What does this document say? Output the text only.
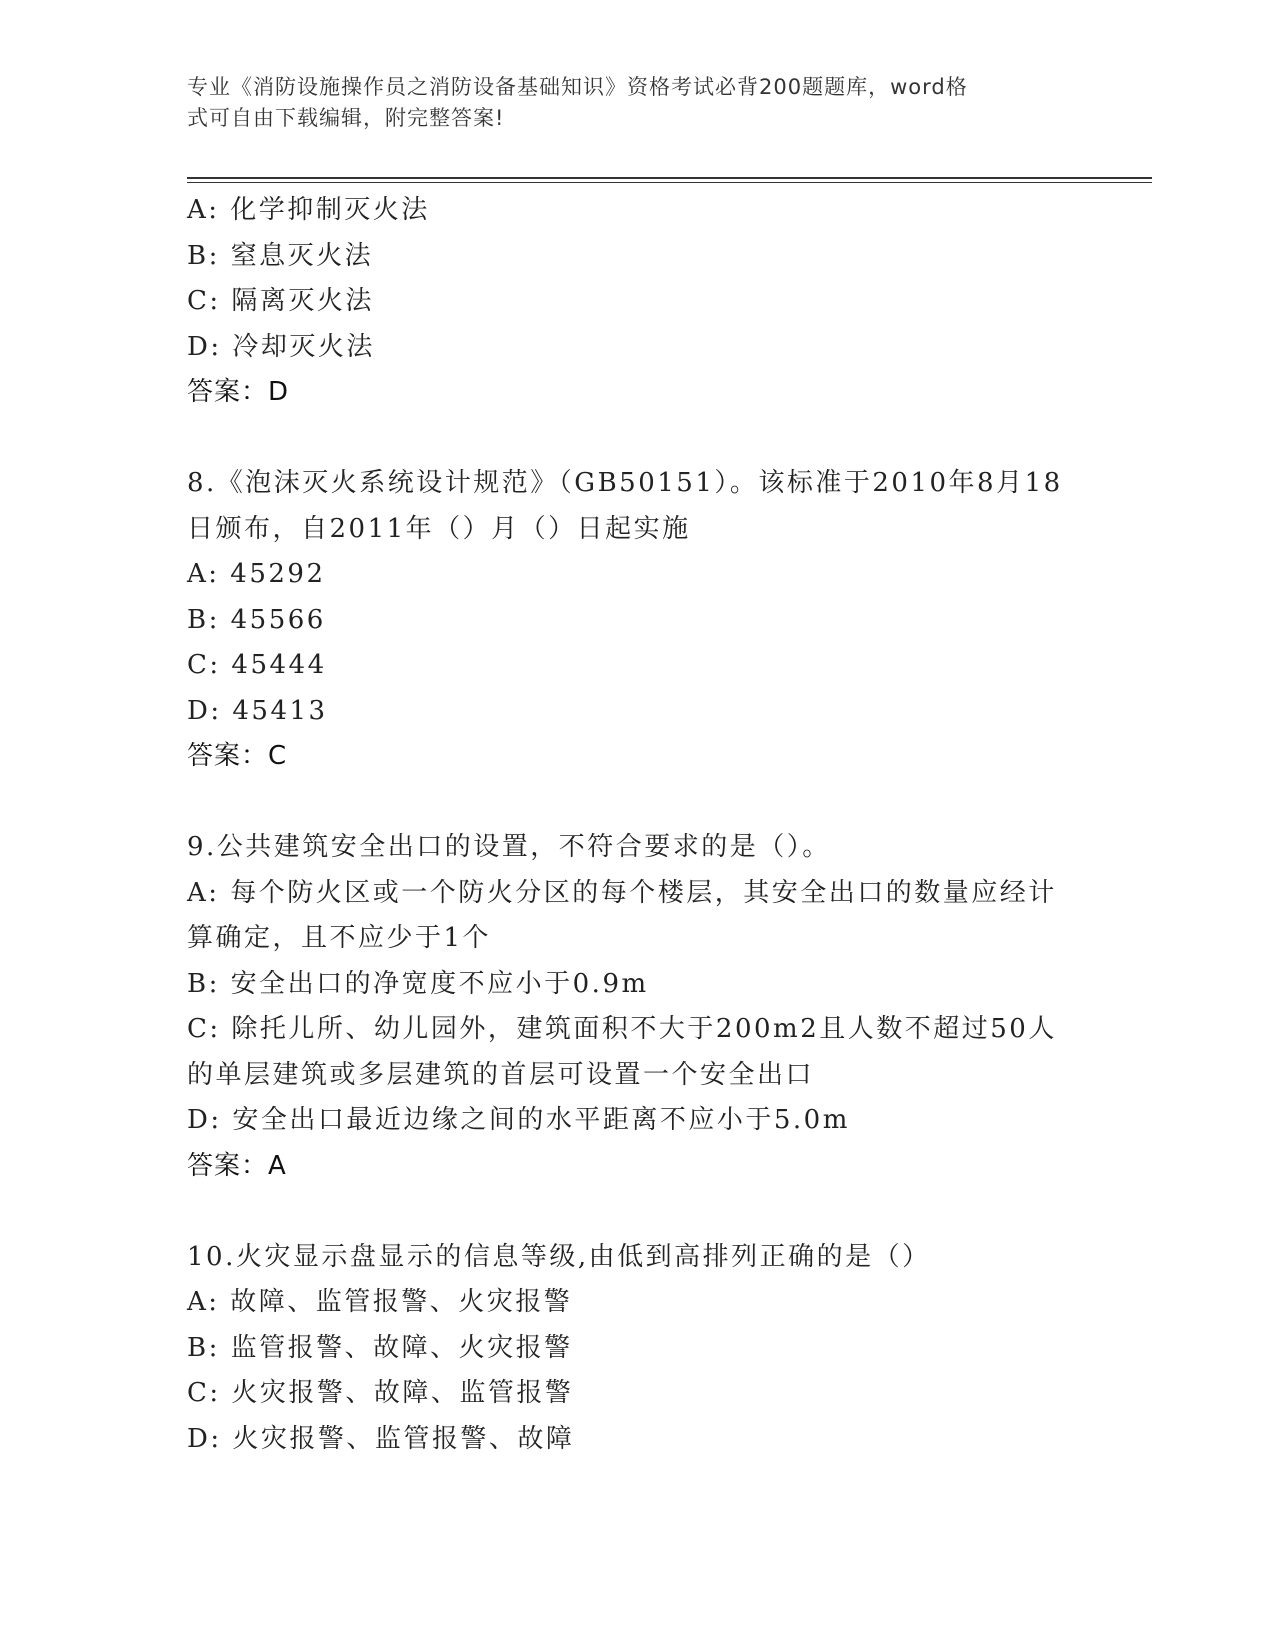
专业《消防设施操作员之消防设备基础知识》资格考试必背200题题库，word格
式可自由下载编辑，附完整答案!
A: 化学抑制灭火法
B: 窒息灭火法
C: 隔离灭火法
D: 冷却灭火法
答案：D
8.《泡沫灭火系统设计规范》（GB50151）。该标准于2010年8月18
日颁布，自2011年（）月（）日起实施
A: 45292
B: 45566
C: 45444
D: 45413
答案：C
9.公共建筑安全出口的设置，不符合要求的是（）。
A: 每个防火区或一个防火分区的每个楼层，其安全出口的数量应经计
算确定，且不应少于1个
B: 安全出口的净宽度不应小于0.9m
C: 除托儿所、幼儿园外，建筑面积不大于200m2且人数不超过50人
的单层建筑或多层建筑的首层可设置一个安全出口
D: 安全出口最近边缘之间的水平距离不应小于5.0m
答案：A
10.火灾显示盘显示的信息等级,由低到高排列正确的是（）
A: 故障、监管报警、火灾报警
B: 监管报警、故障、火灾报警
C: 火灾报警、故障、监管报警
D: 火灾报警、监管报警、故障
